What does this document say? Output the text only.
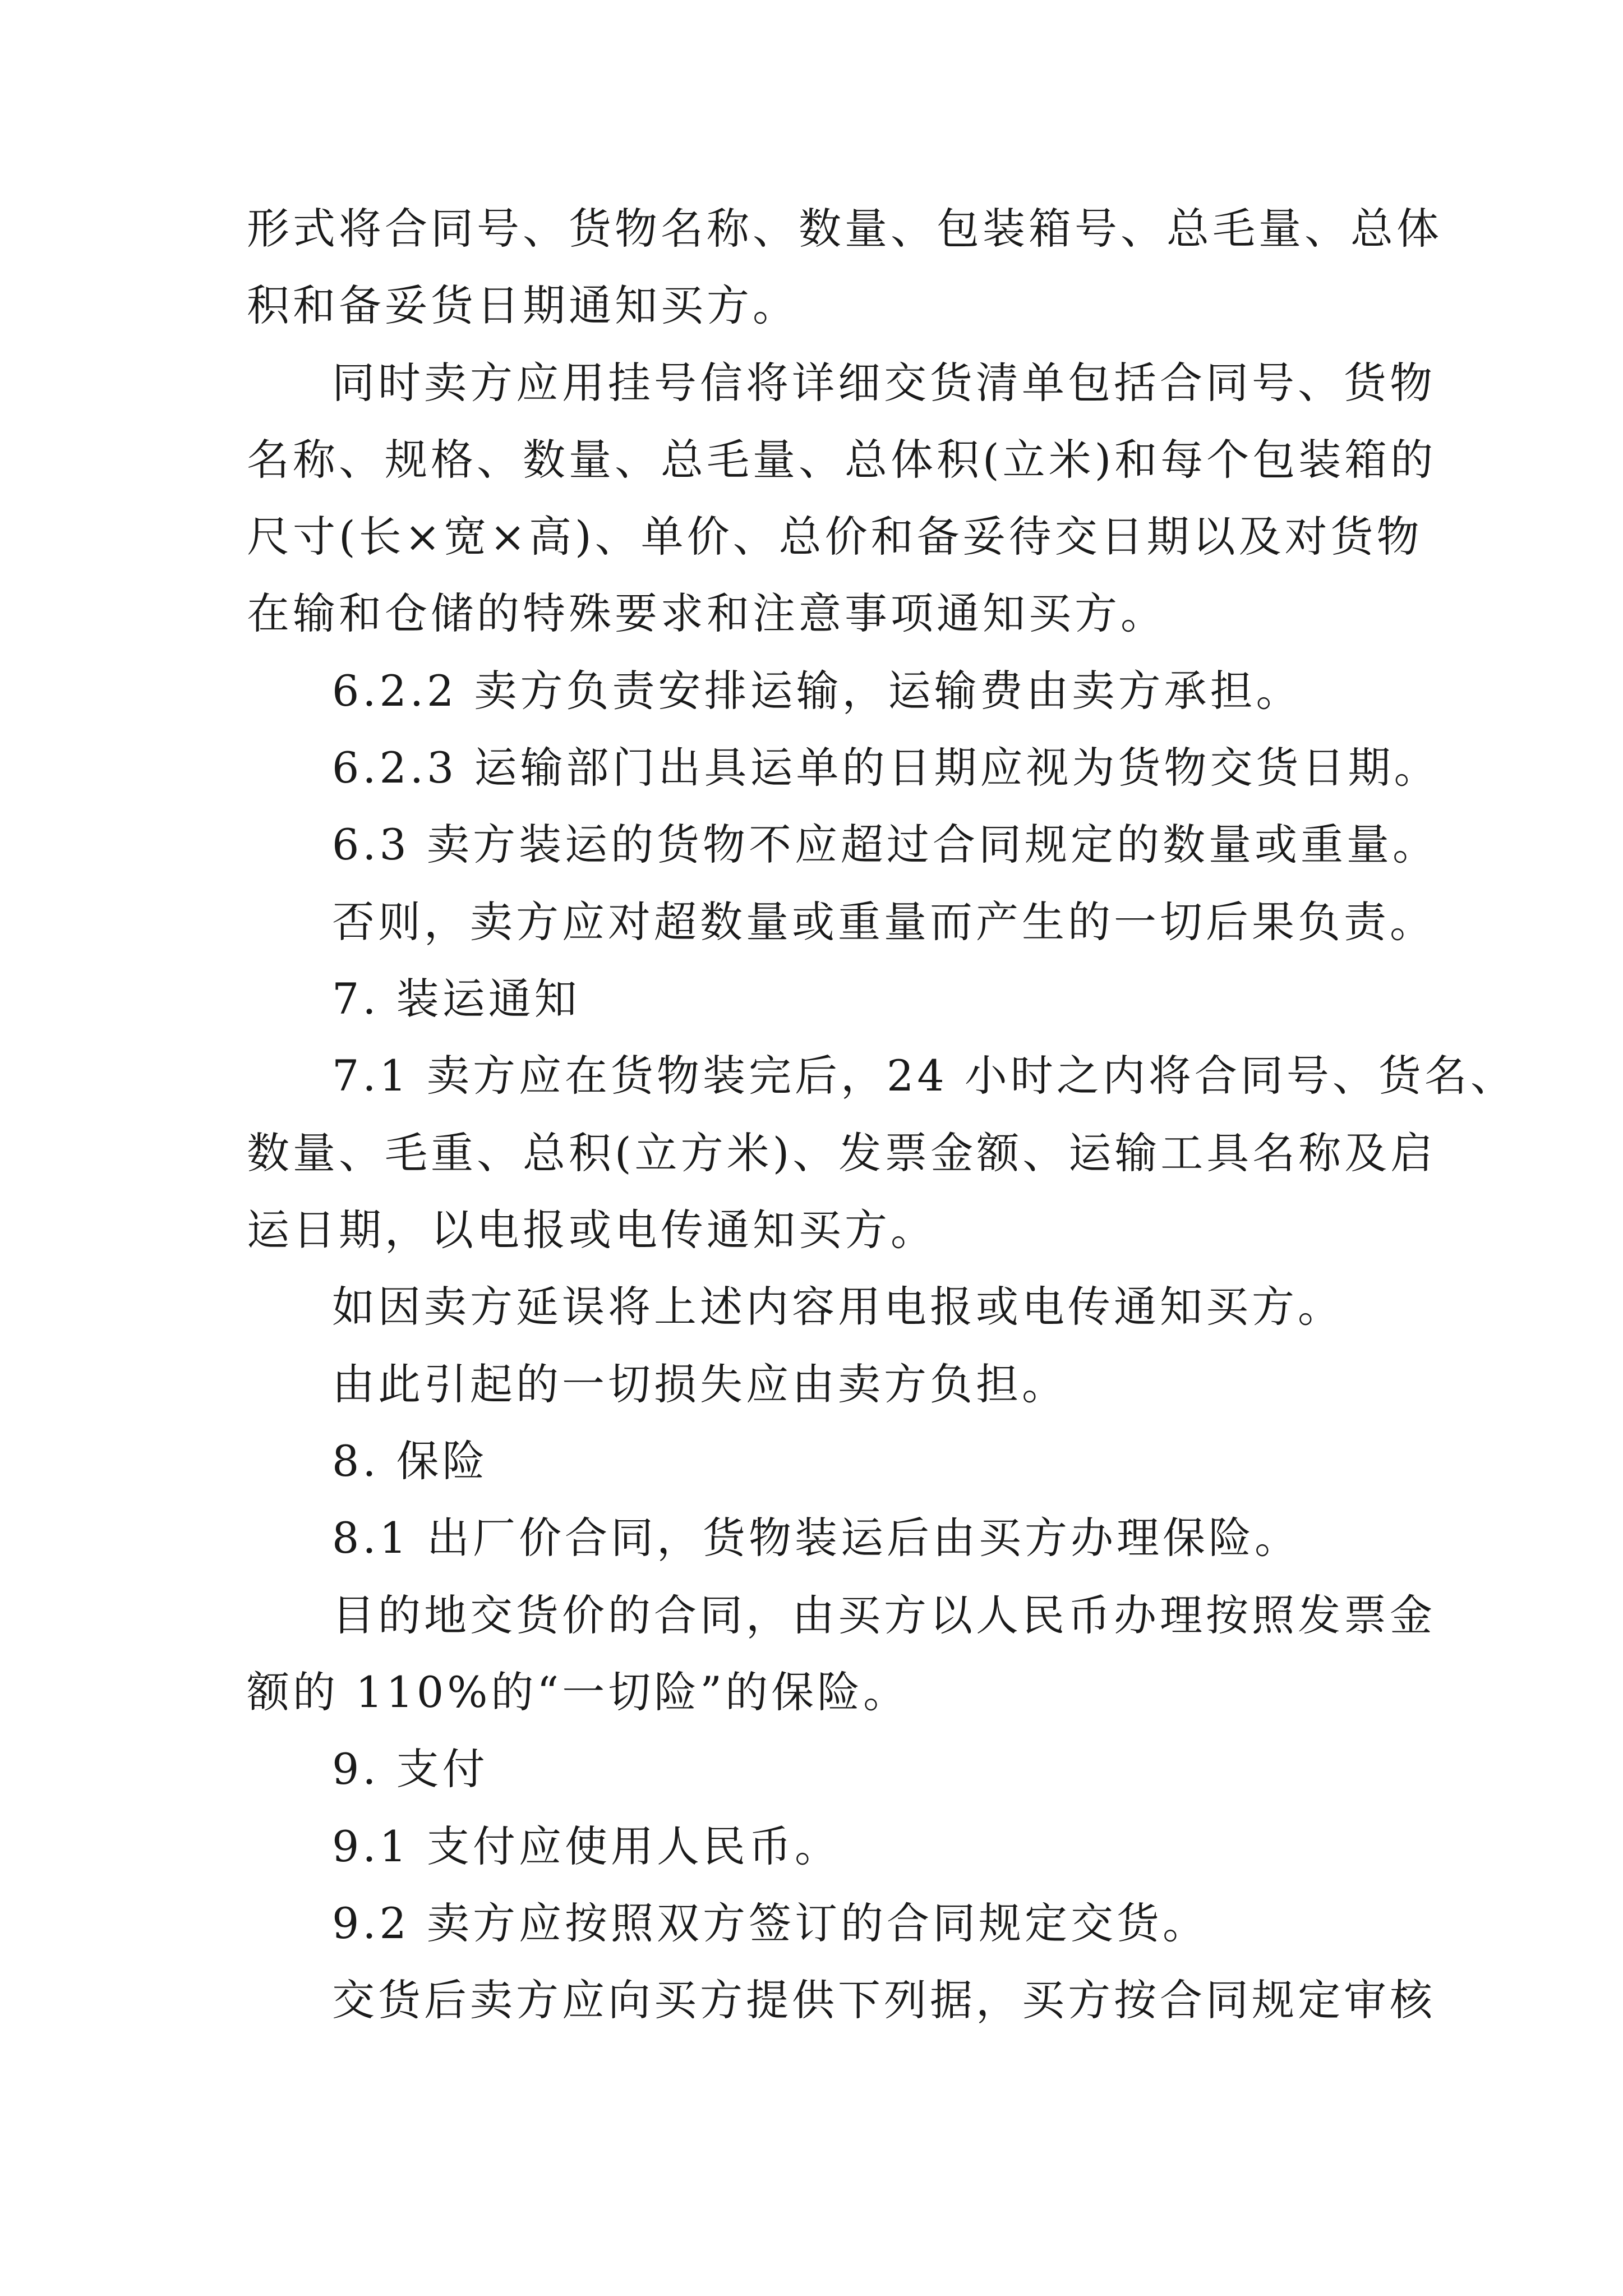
形式将合同号、货物名称、数量、包装箱号、总毛量、总体
积和备妥货日期通知买方。
同时卖方应用挂号信将详细交货清单包括合同号、货物
名称、规格、数量、总毛量、总体积(立米)和每个包装箱的
尺寸(长×宽×高)、单价、总价和备妥待交日期以及对货物
在输和仓储的特殊要求和注意事项通知买方。
6.2.2 卖方负责安排运输，运输费由卖方承担。
6.2.3 运输部门出具运单的日期应视为货物交货日期。
6.3 卖方装运的货物不应超过合同规定的数量或重量。
否则，卖方应对超数量或重量而产生的一切后果负责。
7. 装运通知
7.1 卖方应在货物装完后，24 小时之内将合同号、货名、
数量、毛重、总积(立方米)、发票金额、运输工具名称及启
运日期，以电报或电传通知买方。
如因卖方延误将上述内容用电报或电传通知买方。
由此引起的一切损失应由卖方负担。
8. 保险
8.1 出厂价合同，货物装运后由买方办理保险。
目的地交货价的合同，由买方以人民币办理按照发票金
额的 110%的“一切险”的保险。
9. 支付
9.1 支付应使用人民币。
9.2 卖方应按照双方签订的合同规定交货。
交货后卖方应向买方提供下列据，买方按合同规定审核
